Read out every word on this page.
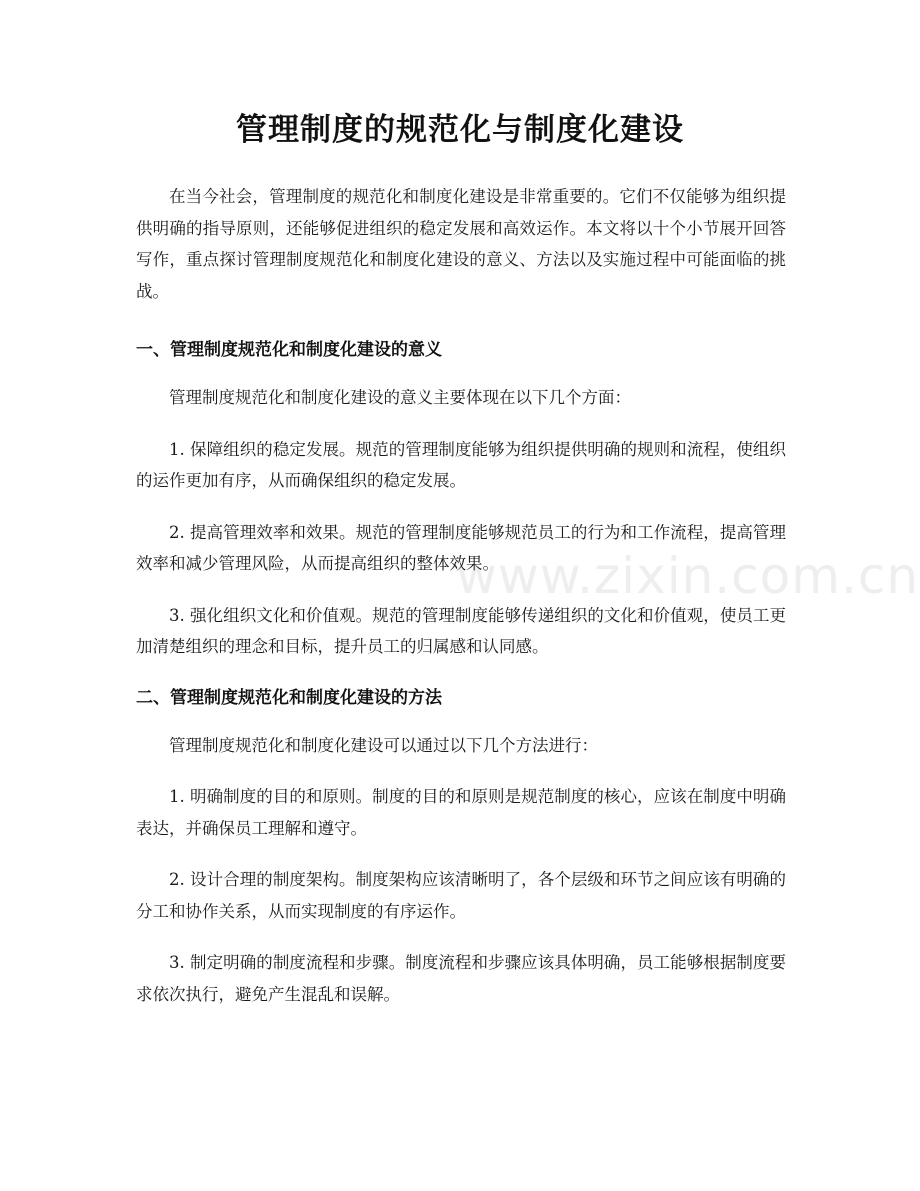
管理制度的规范化与制度化建设

在当今社会，管理制度的规范化和制度化建设是非常重要的。它们不仅能够为组织提供明确的指导原则，还能够促进组织的稳定发展和高效运作。本文将以十个小节展开回答写作，重点探讨管理制度规范化和制度化建设的意义、方法以及实施过程中可能面临的挑战。

一、管理制度规范化和制度化建设的意义

管理制度规范化和制度化建设的意义主要体现在以下几个方面：

1. 保障组织的稳定发展。规范的管理制度能够为组织提供明确的规则和流程，使组织的运作更加有序，从而确保组织的稳定发展。

2. 提高管理效率和效果。规范的管理制度能够规范员工的行为和工作流程，提高管理效率和减少管理风险，从而提高组织的整体效果。

3. 强化组织文化和价值观。规范的管理制度能够传递组织的文化和价值观，使员工更加清楚组织的理念和目标，提升员工的归属感和认同感。

二、管理制度规范化和制度化建设的方法

管理制度规范化和制度化建设可以通过以下几个方法进行：

1. 明确制度的目的和原则。制度的目的和原则是规范制度的核心，应该在制度中明确表达，并确保员工理解和遵守。

2. 设计合理的制度架构。制度架构应该清晰明了，各个层级和环节之间应该有明确的分工和协作关系，从而实现制度的有序运作。

3. 制定明确的制度流程和步骤。制度流程和步骤应该具体明确，员工能够根据制度要求依次执行，避免产生混乱和误解。

www.zixin.com.cn
